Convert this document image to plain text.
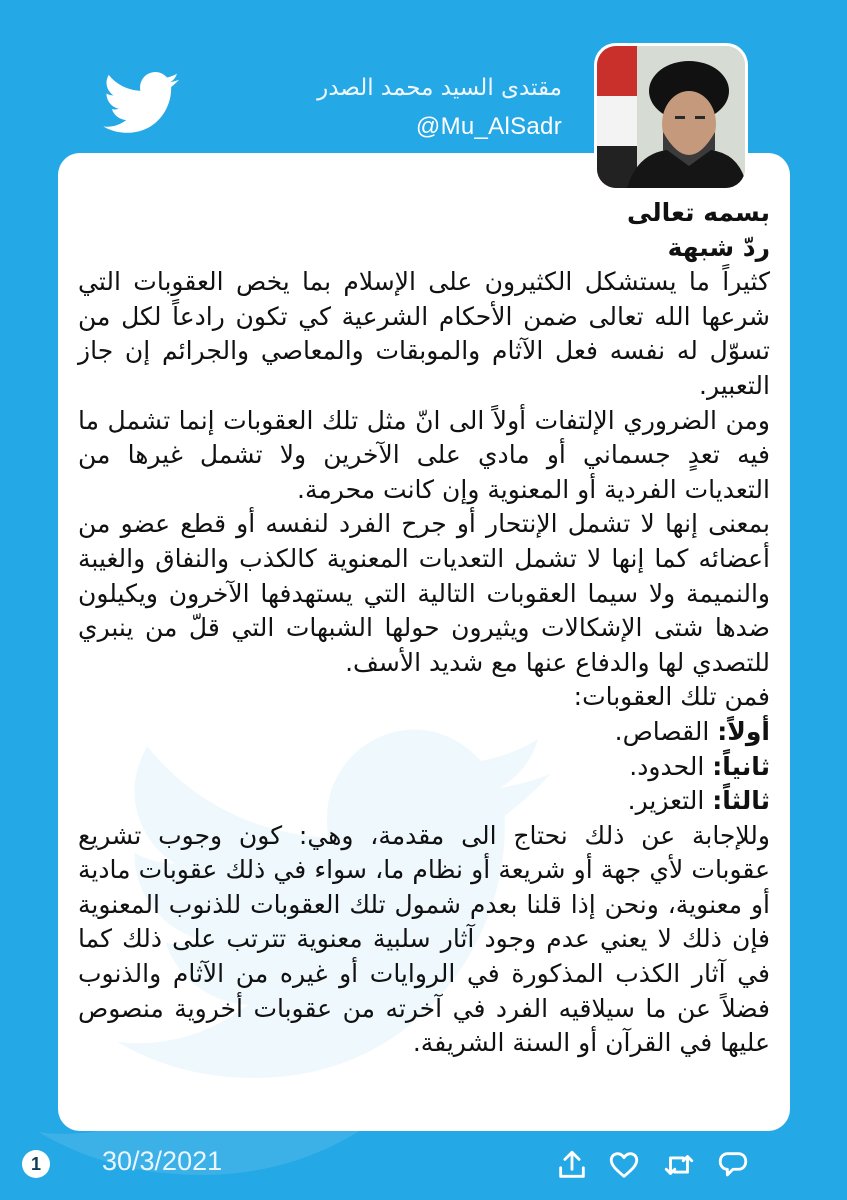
مقتدى السيد محمد الصدر
@Mu_AlSadr

بسمه تعالى

ردّ شبهة

كثيراً ما يستشكل الكثيرون على الإسلام بما يخص العقوبات التي شرعها الله تعالى ضمن الأحكام الشرعية كي تكون رادعاً لكل من تسوّل له نفسه فعل الآثام والموبقات والمعاصي والجرائم إن جاز التعبير.

ومن الضروري الإلتفات أولاً الى انّ مثل تلك العقوبات إنما تشمل ما فيه تعدٍ جسماني أو مادي على الآخرين ولا تشمل غيرها من التعديات الفردية أو المعنوية وإن كانت محرمة.

بمعنى إنها لا تشمل الإنتحار أو جرح الفرد لنفسه أو قطع عضو من أعضائه كما إنها لا تشمل التعديات المعنوية كالكذب والنفاق والغيبة والنميمة ولا سيما العقوبات التالية التي يستهدفها الآخرون ويكيلون ضدها شتى الإشكالات ويثيرون حولها الشبهات التي قلّ من ينبري للتصدي لها والدفاع عنها مع شديد الأسف.

فمن تلك العقوبات:

أولاً: القصاص.

ثانياً: الحدود.

ثالثاً: التعزير.

وللإجابة عن ذلك نحتاج الى مقدمة، وهي: كون وجوب تشريع عقوبات لأي جهة أو شريعة أو نظام ما، سواء في ذلك عقوبات مادية أو معنوية، ونحن إذا قلنا بعدم شمول تلك العقوبات للذنوب المعنوية فإن ذلك لا يعني عدم وجود آثار سلبية معنوية تترتب على ذلك كما في آثار الكذب المذكورة في الروايات أو غيره من الآثام والذنوب فضلاً عن ما سيلاقيه الفرد في آخرته من عقوبات أخروية منصوص عليها في القرآن أو السنة الشريفة.

1	30/3/2021
